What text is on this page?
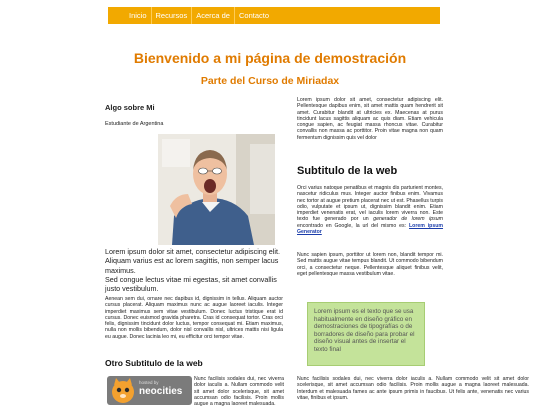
Inicio	Recursos	Acerca de	Contacto
Bienvenido a mi página de demostración
Parte del Curso de Miriadax
Algo sobre Mi
Estudiante de Argentina

Lorem ipsum dolor sit amet, consectetur adipiscing elit. Aliquam varius est ac lorem sagittis, non semper lacus maximus.
Sed congue lectus vitae mi egestas, sit amet convallis justo vestibulum.

Aenean sem dui, ornare nec dapibus id, dignissim in tellus. Aliquam auctor cursus placerat. Aliquam maximus nunc ac augue laoreet iaculis. Integer imperdiet maximus sem vitae vestibulum. Donec luctus tristique erat id cursus. Donec euismod gravida pharetra. Cras id consequat tortor. Cras orci felis, dignissim tincidunt dolor luctus, tempor consequat mi. Etiam maximus, nulla non mollis bibendum, dolor nisl convallis nisl, ultrices mattis nisi ligula eu augue. Donec lacinia leo mi, eu efficitur orci tempor vitae.

Otro Subtitulo de la web
hosted by
neocities

Nunc facilisis sodales dui, nec viverra dolor iaculis a. Nullam commodo velit sit amet dolor scelerisque, sit amet accumsan odio facilisis. Proin mollis augue a magna laoreet malesuada.

Lorem ipsum dolor sit amet, consectetur adipiscing elit. Pellentesque dapibus enim, sit amet mattis quam hendrerit sit amet. Curabitur blandit at ultricies ex. Maecenas at purus tincidunt lacus sagittis aliquam ac quis diam. Etiam vehicula congue sapien, ac feugiat massa rhoncus vitae. Curabitur convallis non massa ac porttitor. Proin vitae magna non quam fermentum dignissim quis vel dolor

Subtitulo de la web

Orci varius natoque penatibus et magnis dis parturient montes, nascetur ridiculus mus. Integer auctor finibus enim. Vivamus nec tortor at augue pretium placerat nec ut est. Phasellus turpis odio, vulputate et ipsum ut, dignissim blandit enim. Etiam imperdiet venenatis erat, vel iaculis lorem viverra non. Este texto fue generado por un generador de lorem ipsum encontrado en Google, la url del mismo es: Lorem ipsum Generator

Nunc sapien ipsum, porttitor ut lorem non, blandit tempor mi. Sed mattis augue vitae tempus blandit. Ut commodo bibendum orci, a consectetur neque. Pellentesque aliquet finibus velit, eget pellentesque massa vestibulum vitae.

Lorem ipsum es el texto que se usa habitualmente en diseño gráfico en demostraciones de tipografías o de borradores de diseño para probar el diseño visual antes de insertar el texto final

Nunc facilisis sodales dui, nec viverra dolor iaculis a. Nullam commodo velit sit amet dolor scelerisque, sit amet accumsan odio facilisis. Proin mollis augue a magna laoreet malesuada. Interdum et malesuada fames ac ante ipsum primis in faucibus. Ut felis ante, venenatis nec varius vitae, finibus et ipsum.
